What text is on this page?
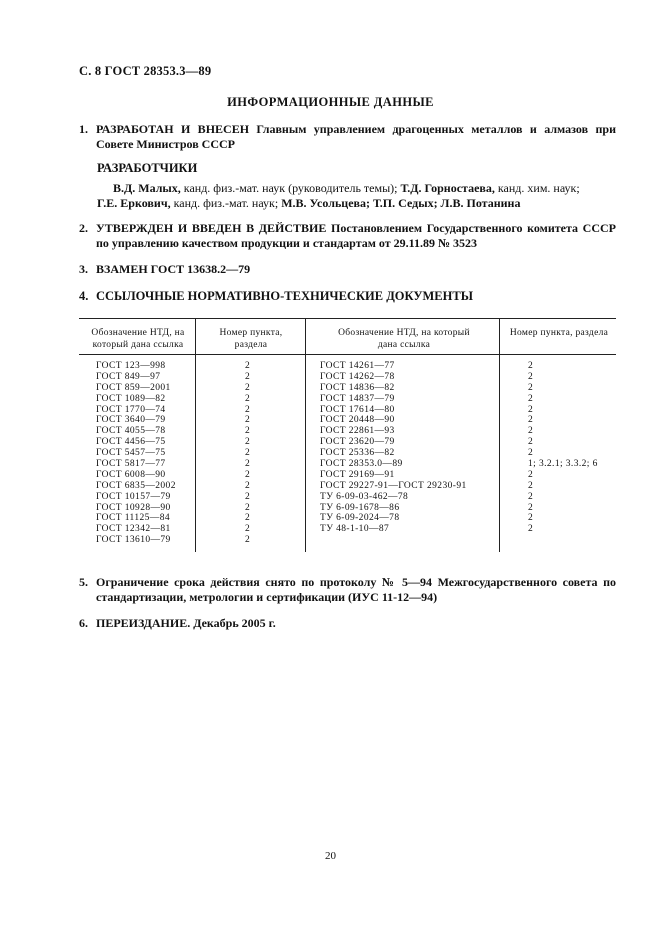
С. 8 ГОСТ 28353.3—89
ИНФОРМАЦИОННЫЕ ДАННЫЕ
1. РАЗРАБОТАН И ВНЕСЕН Главным управлением драгоценных металлов и алмазов при Совете Министров СССР
РАЗРАБОТЧИКИ
В.Д. Малых, канд. физ.-мат. наук (руководитель темы); Т.Д. Горностаева, канд. хим. наук;
Г.Е. Еркович, канд. физ.-мат. наук; М.В. Усольцева; Т.П. Седых; Л.В. Потанина
2. УТВЕРЖДЕН И ВВЕДЕН В ДЕЙСТВИЕ Постановлением Государственного комитета СССР по управлению качеством продукции и стандартам от 29.11.89 № 3523
3. ВЗАМЕН ГОСТ 13638.2—79
4. ССЫЛОЧНЫЕ НОРМАТИВНО-ТЕХНИЧЕСКИЕ ДОКУМЕНТЫ
Обозначение НТД, на который дана ссылка
Номер пункта, раздела
Обозначение НТД, на который дана ссылка
Номер пункта, раздела
ГОСТ 123—998
ГОСТ 849—97
ГОСТ 859—2001
ГОСТ 1089—82
ГОСТ 1770—74
ГОСТ 3640—79
ГОСТ 4055—78
ГОСТ 4456—75
ГОСТ 5457—75
ГОСТ 5817—77
ГОСТ 6008—90
ГОСТ 6835—2002
ГОСТ 10157—79
ГОСТ 10928—90
ГОСТ 11125—84
ГОСТ 12342—81
ГОСТ 13610—79
2
2
2
2
2
2
2
2
2
2
2
2
2
2
2
2
2
ГОСТ 14261—77
ГОСТ 14262—78
ГОСТ 14836—82
ГОСТ 14837—79
ГОСТ 17614—80
ГОСТ 20448—90
ГОСТ 22861—93
ГОСТ 23620—79
ГОСТ 25336—82
ГОСТ 28353.0—89
ГОСТ 29169—91
ГОСТ 29227-91—ГОСТ 29230-91
ТУ 6-09-03-462—78
ТУ 6-09-1678—86
ТУ 6-09-2024—78
ТУ 48-1-10—87
2
2
2
2
2
2
2
2
2
1; 3.2.1; 3.3.2; 6
2
2
2
2
2
2
5. Ограничение срока действия снято по протоколу № 5—94 Межгосударственного совета по стандартизации, метрологии и сертификации (ИУС 11-12—94)
6. ПЕРЕИЗДАНИЕ. Декабрь 2005 г.
20
